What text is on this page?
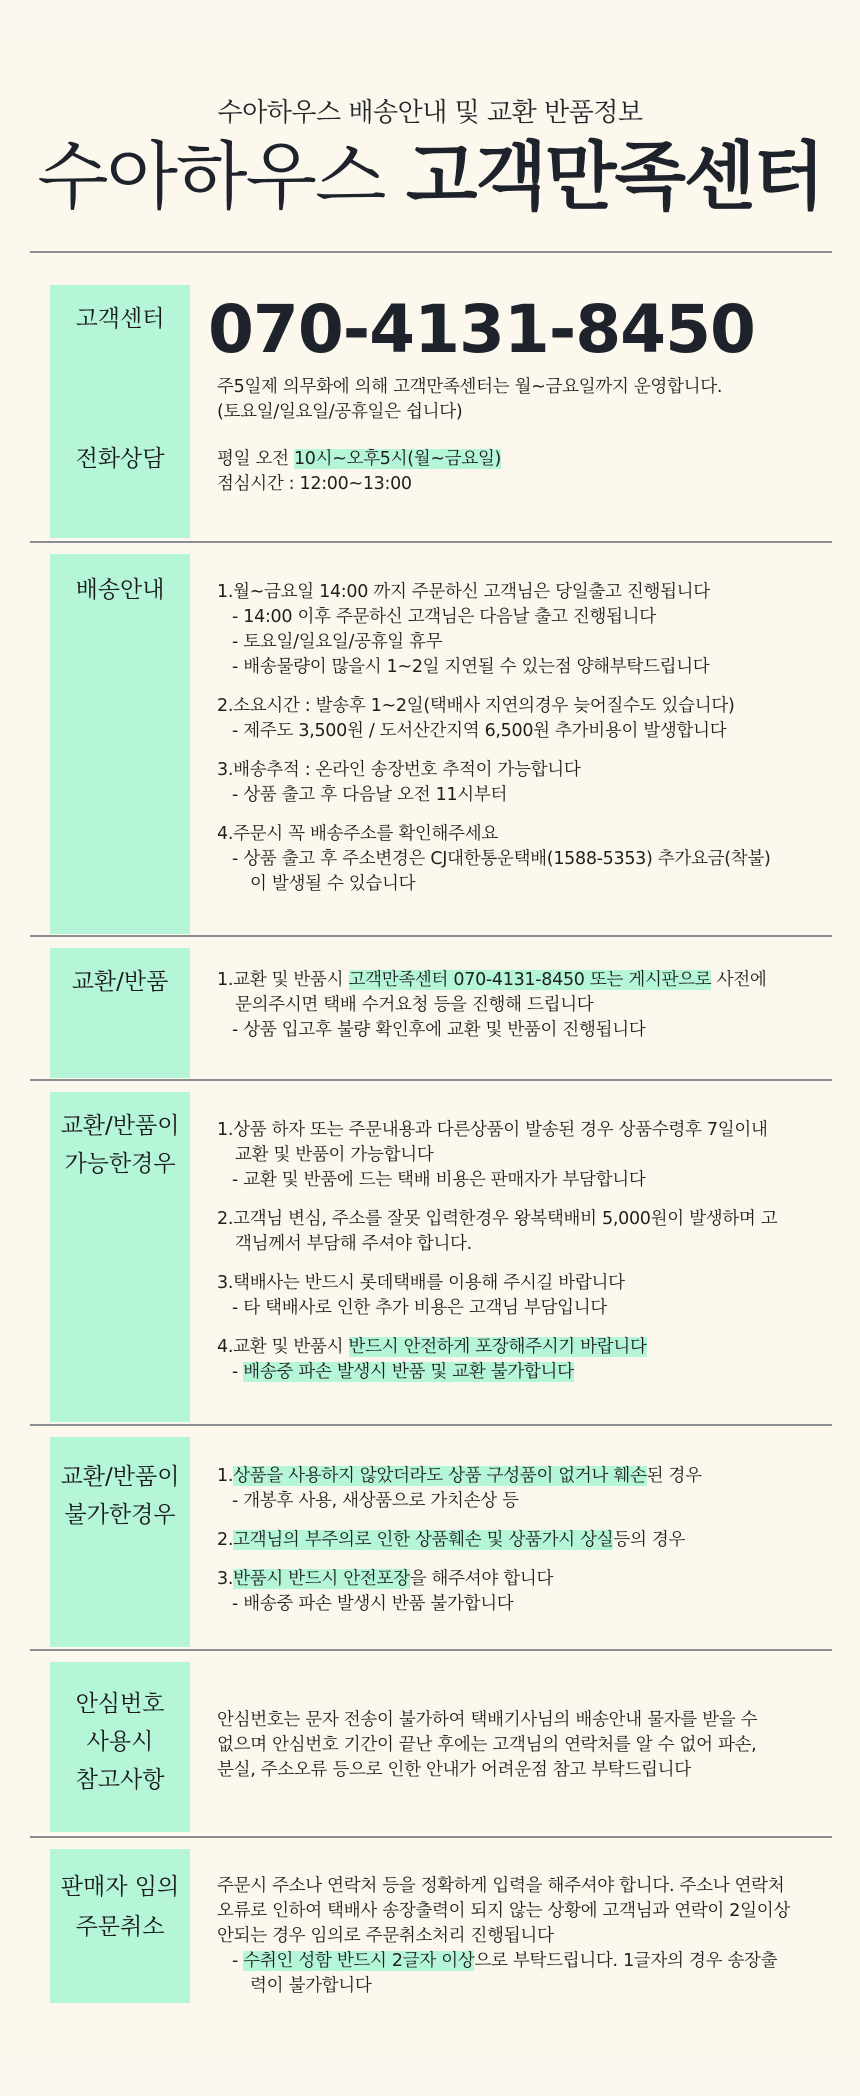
수아하우스 배송안내 및 교환 반품정보
수아하우스 고객만족센터
고객센터
전화상담
070-4131-8450

주5일제 의무화에 의해 고객만족센터는 월~금요일까지 운영합니다.

(토요일/일요일/공휴일은 쉽니다)

평일 오전 10시~오후5시(월~금요일)

점심시간 : 12:00~13:00

배송안내	1.월~금요일 14:00 까지 주문하신 고객님은 당일출고 진행됩니다

- 14:00 이후 주문하신 고객님은 다음날 출고 진행됩니다

- 토요일/일요일/공휴일 휴무

- 배송물량이 많을시 1~2일 지연될 수 있는점 양해부탁드립니다

2.소요시간 : 발송후 1~2일(택배사 지연의경우 늦어질수도 있습니다)

- 제주도 3,500원 / 도서산간지역 6,500원 추가비용이 발생합니다

3.배송추적 : 온라인 송장번호 추적이 가능합니다

- 상품 출고 후 다음날 오전 11시부터

4.주문시 꼭 배송주소를 확인해주세요

- 상품 출고 후 주소변경은 CJ대한통운택배(1588-5353) 추가요금(착불)

이 발생될 수 있습니다

교환/반품	1.교환 및 반품시 고객만족센터 070-4131-8450 또는 게시판으로 사전에

문의주시면 택배 수거요청 등을 진행해 드립니다

- 상품 입고후 불량 확인후에 교환 및 반품이 진행됩니다

교환/반품이
가능한경우

1.상품 하자 또는 주문내용과 다른상품이 발송된 경우 상품수령후 7일이내

교환 및 반품이 가능합니다

- 교환 및 반품에 드는 택배 비용은 판매자가 부담합니다

2.고객님 변심, 주소를 잘못 입력한경우 왕복택배비 5,000원이 발생하며 고

객님께서 부담해 주셔야 합니다.

3.택배사는 반드시 롯데택배를 이용해 주시길 바랍니다

- 타 택배사로 인한 추가 비용은 고객님 부담입니다

4.교환 및 반품시 반드시 안전하게 포장해주시기 바랍니다

- 배송중 파손 발생시 반품 및 교환 불가합니다

교환/반품이
불가한경우

1.상품을 사용하지 않았더라도 상품 구성품이 없거나 훼손된 경우

- 개봉후 사용, 새상품으로 가치손상 등

2.고객님의 부주의로 인한 상품훼손 및 상품가시 상실등의 경우

3.반품시 반드시 안전포장을 해주셔야 합니다

- 배송중 파손 발생시 반품 불가합니다

안심번호
사용시
참고사항

안심번호는 문자 전송이 불가하여 택배기사님의 배송안내 물자를 받을 수

없으며 안심번호 기간이 끝난 후에는 고객님의 연락처를 알 수 없어 파손,

분실, 주소오류 등으로 인한 안내가 어려운점 참고 부탁드립니다

판매자 임의
주문취소

주문시 주소나 연락처 등을 정확하게 입력을 해주셔야 합니다. 주소나 연락처

오류로 인하여 택배사 송장출력이 되지 않는 상황에 고객님과 연락이 2일이상

안되는 경우 임의로 주문취소처리 진행됩니다

- 수취인 성함 반드시 2글자 이상으로 부탁드립니다. 1글자의 경우 송장출

력이 불가합니다
